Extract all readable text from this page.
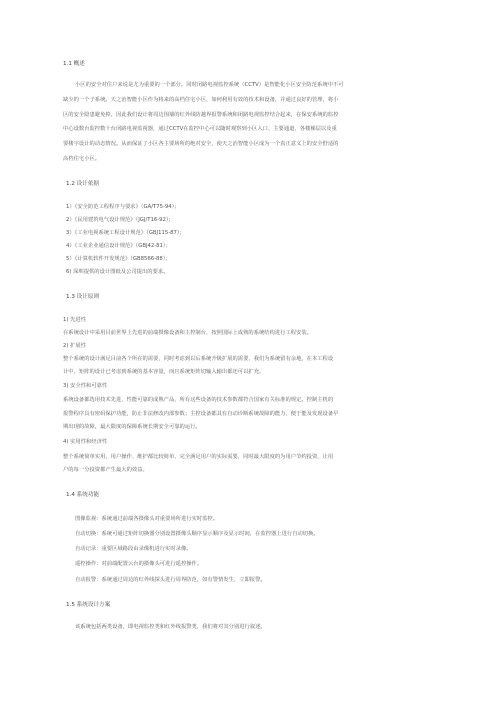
1.1 概述
小区的安全对住户来说是尤为重要的一个部分。同时闭路电视监控系统（CCTV）是智能化小区安全防范系统中不可
缺少的一个子系统。天之治智能小区作为将来的高档住宅小区，如何利用有效的技术和设备，并通过良好的管理，将小
区的安全隐患避免掉，因此我们设计将周边围墙的红外线防越界报警系统和闭路电视监控结合起来，在保安系统的监控
中心设数台监控数十台闭路电视监视器，通过CCTV在监控中心可以随时观察到小区入口、主要通道、各楼梯层以及重
要楼宇设计的动态情况。从而保证了小区各主要场所的绝对安全，使天之治智能小区成为一个真正意义上的安全舒适的
高档住宅小区。
1.2 设计依据
1）《安全防范工程程序与要求》（GA/T75-94）；
2）《民用建筑电气设计规范》（JGJ/T16-92）；
3）《工业电视系统工程设计规范》（GBJ115-87）；
4）《工业企业通信设计规范》（GBJ42-81）；
5）《计算机软件开发规范》（GB8566-88）；
6) 深圳提供的设计图纸及公司提出的要求。
1.3 设计原则
1) 先进性
在系统设计中采用目前世界上先进的前端摄像设备和主控制台，按照国际上成熟的系统结构进行工程安装。
2) 扩展性
整个系统的设计满足目前各个所在的需要，同时考虑到以后系统升级扩展的需要，我们为系统留有余地，在本工程设
计中，矩阵的设计已考虑到系统的基本容量，而且系统矩阵切输入输出都还可以扩充。
3) 安全性和可靠性
系统设备都选用技术先进、性能可靠的成熟产品，所有这些设备的技术参数都符合国家有关标准的规定。控制主机的
报警程序具有密码保护功能，防止非法修改内部参数；主控设备都具有自动诊断系统故障的能力，便于能及发现设备早
期出现的故障，最大限度的保障系统长期安全可靠的运行。
4) 实用性和经济性
整个系统简单实用，用户操作、维护都比较简单，完全满足用户的实际需要，同时最大限度的为用户节约投资，让用
户的每一分投资都产生最大的效益。
1.4 系统功能
图像监视：系统通过前端各摄像头对重要场所进行实时监控。
自动切换：系统可通过矩阵切换器分别设置摄像头顺序显示顺序及显示时间，在监控器上进行自动切换。
自动记录：重要区域路段由录像机进行实时录像。
遥控操作：对前端配置云台的摄像头可进行遥控操作。
自动报警：系统通过周边的红外线探头进行周界防范，如有警情发生，立即报警。
1.5 系统设计方案
该系统包括两类设备，即电视监控类和红外线报警类，我们将对其分别进行叙述。
